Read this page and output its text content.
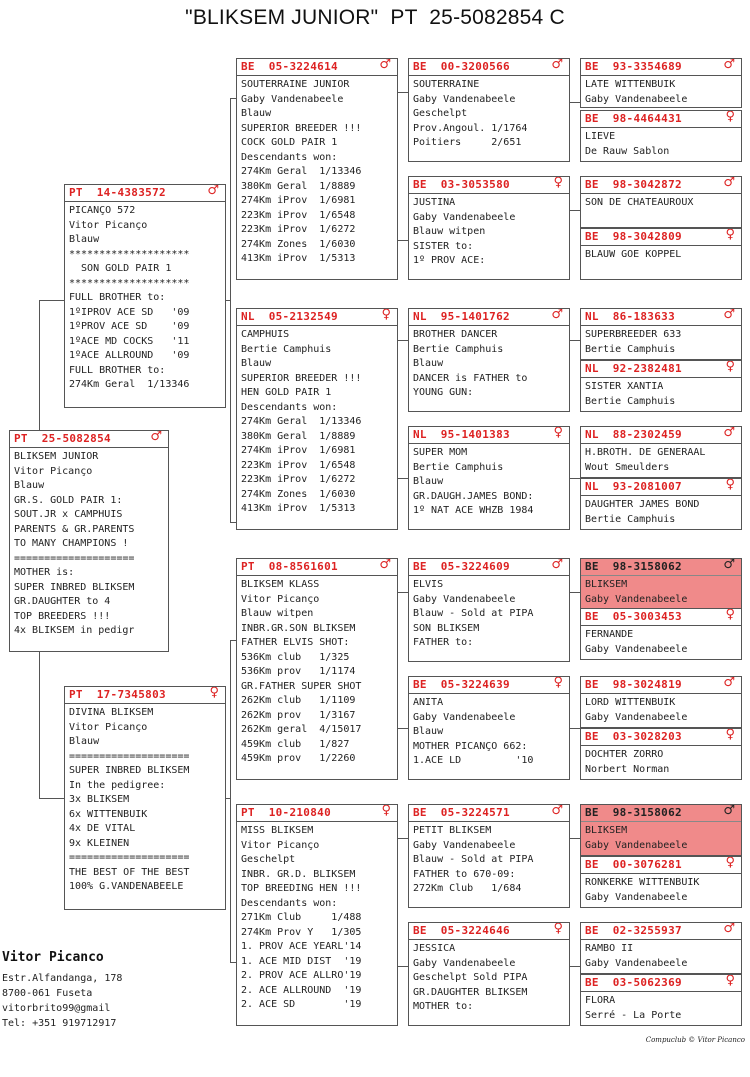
"BLIKSEM JUNIOR"  PT  25-5082854 C
PT  25-5082854	♂
BLIKSEM JUNIOR
Vitor Picanço
Blauw
GR.S. GOLD PAIR 1:
SOUT.JR x CAMPHUIS
PARENTS & GR.PARENTS
TO MANY CHAMPIONS !
====================
MOTHER is:
SUPER INBRED BLIKSEM
GR.DAUGHTER to 4
TOP BREEDERS !!!
4x BLIKSEM in pedigr
PT  14-4383572	♂
PICANÇO 572
Vitor Picanço
Blauw
********************
SON GOLD PAIR 1
********************
FULL BROTHER to:
1ºIPROV ACE SD   '09
1ºPROV ACE SD    '09
1ºACE MD COCKS   '11
1ºACE ALLROUND   '09
FULL BROTHER to:
274Km Geral  1/13346
PT  17-7345803	♀
DIVINA BLIKSEM
Vitor Picanço
Blauw
====================
SUPER INBRED BLIKSEM
In the pedigree:
3x BLIKSEM
6x WITTENBUIK
4x DE VITAL
9x KLEINEN
====================
THE BEST OF THE BEST
100% G.VANDENABEELE
BE  05-3224614	♂
SOUTERRAINE JUNIOR
Gaby Vandenabeele
Blauw
SUPERIOR BREEDER !!!
COCK GOLD PAIR 1
Descendants won:
274Km Geral  1/13346
380Km Geral  1/8889
274Km iProv  1/6981
223Km iProv  1/6548
223Km iProv  1/6272
274Km Zones  1/6030
413Km iProv  1/5313
NL  05-2132549	♀
CAMPHUIS
Bertie Camphuis
Blauw
SUPERIOR BREEDER !!!
HEN GOLD PAIR 1
Descendants won:
274Km Geral  1/13346
380Km Geral  1/8889
274Km iProv  1/6981
223Km iProv  1/6548
223Km iProv  1/6272
274Km Zones  1/6030
413Km iProv  1/5313
PT  08-8561601	♂
BLIKSEM KLASS
Vitor Picanço
Blauw witpen
INBR.GR.SON BLIKSEM
FATHER ELVIS SHOT:
536Km club   1/325
536Km prov   1/1174
GR.FATHER SUPER SHOT
262Km club   1/1109
262Km prov   1/3167
262Km geral  4/15017
459Km club   1/827
459Km prov   1/2260
PT  10-210840	♀
MISS BLIKSEM
Vitor Picanço
Geschelpt
INBR. GR.D. BLIKSEM
TOP BREEDING HEN !!!
Descendants won:
271Km Club     1/488
274Km Prov Y   1/305
1. PROV ACE YEARL'14
1. ACE MID DIST  '19
2. PROV ACE ALLRO'19
2. ACE ALLROUND  '19
2. ACE SD        '19
BE  00-3200566	♂
SOUTERRAINE
Gaby Vandenabeele
Geschelpt
Prov.Angoul. 1/1764
Poitiers     2/651
BE  03-3053580	♀
JUSTINA
Gaby Vandenabeele
Blauw witpen
SISTER to:
1º PROV ACE:
NL  95-1401762	♂
BROTHER DANCER
Bertie Camphuis
Blauw
DANCER is FATHER to
YOUNG GUN:
NL  95-1401383	♀
SUPER MOM
Bertie Camphuis
Blauw
GR.DAUGH.JAMES BOND:
1º NAT ACE WHZB 1984
BE  05-3224609	♂
ELVIS
Gaby Vandenabeele
Blauw - Sold at PIPA
SON BLIKSEM
FATHER to:
BE  05-3224639	♀
ANITA
Gaby Vandenabeele
Blauw
MOTHER PICANÇO 662:
1.ACE LD         '10
BE  05-3224571	♂
PETIT BLIKSEM
Gaby Vandenabeele
Blauw - Sold at PIPA
FATHER to 670-09:
272Km Club   1/684
BE  05-3224646	♀
JESSICA
Gaby Vandenabeele
Geschelpt Sold PIPA
GR.DAUGHTER BLIKSEM
MOTHER to:
BE  93-3354689	♂
LATE WITTENBUIK
Gaby Vandenabeele
BE  98-4464431	♀
LIEVE
De Rauw Sablon
BE  98-3042872	♂
SON DE CHATEAUROUX
BE  98-3042809	♀
BLAUW GOE KOPPEL
NL  86-183633	♂
SUPERBREEDER 633
Bertie Camphuis
NL  92-2382481	♀
SISTER XANTIA
Bertie Camphuis
NL  88-2302459	♂
H.BROTH. DE GENERAAL
Wout Smeulders
NL  93-2081007	♀
DAUGHTER JAMES BOND
Bertie Camphuis
BE  98-3158062	♂
BLIKSEM
Gaby Vandenabeele
BE  05-3003453	♀
FERNANDE
Gaby Vandenabeele
BE  98-3024819	♂
LORD WITTENBUIK
Gaby Vandenabeele
BE  03-3028203	♀
DOCHTER ZORRO
Norbert Norman
BE  98-3158062	♂
BLIKSEM
Gaby Vandenabeele
BE  00-3076281	♀
RONKERKE WITTENBUIK
Gaby Vandenabeele
BE  02-3255937	♂
RAMBO II
Gaby Vandenabeele
BE  03-5062369	♀
FLORA
Serré - La Porte
Vitor Picanco
Estr.Alfandanga, 178
8700-061 Fuseta
vitorbrito99@gmail
Tel: +351 919712917
Compuclub © Vitor Picanco
